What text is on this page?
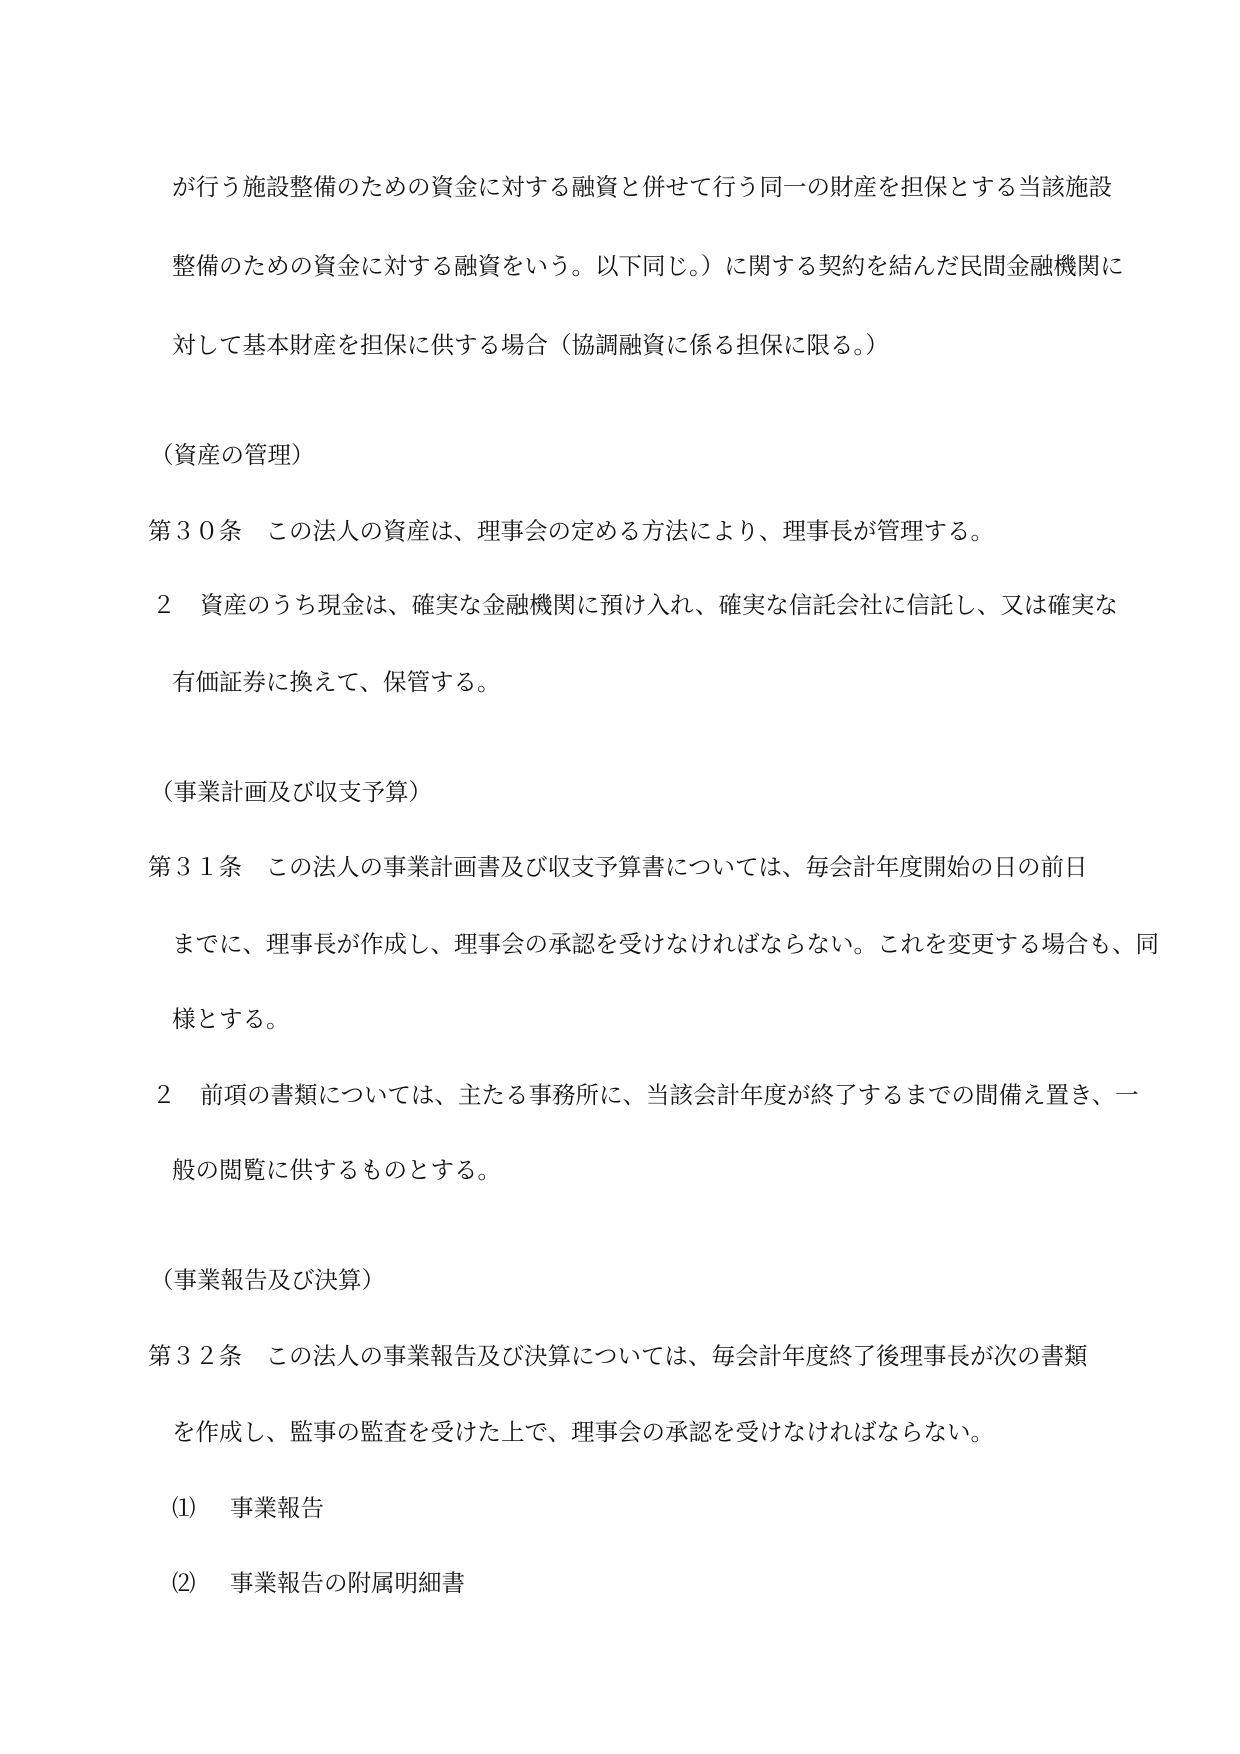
が行う施設整備のための資金に対する融資と併せて行う同一の財産を担保とする当該施設
整備のための資金に対する融資をいう。以下同じ。）に関する契約を結んだ民間金融機関に
対して基本財産を担保に供する場合（協調融資に係る担保に限る。）
（資産の管理）
第３０条　この法人の資産は、理事会の定める方法により、理事長が管理する。
２ 資産のうち現金は、確実な金融機関に預け入れ、確実な信託会社に信託し、又は確実な
有価証券に換えて、保管する。
（事業計画及び収支予算）
第３１条　この法人の事業計画書及び収支予算書については、毎会計年度開始の日の前日
までに、理事長が作成し、理事会の承認を受けなければならない。これを変更する場合も、同
様とする。
２ 前項の書類については、主たる事務所に、当該会計年度が終了するまでの間備え置き、一
般の閲覧に供するものとする。
（事業報告及び決算）
第３２条　この法人の事業報告及び決算については、毎会計年度終了後理事長が次の書類
を作成し、監事の監査を受けた上で、理事会の承認を受けなければならない。
⑴ 事業報告
⑵ 事業報告の附属明細書
